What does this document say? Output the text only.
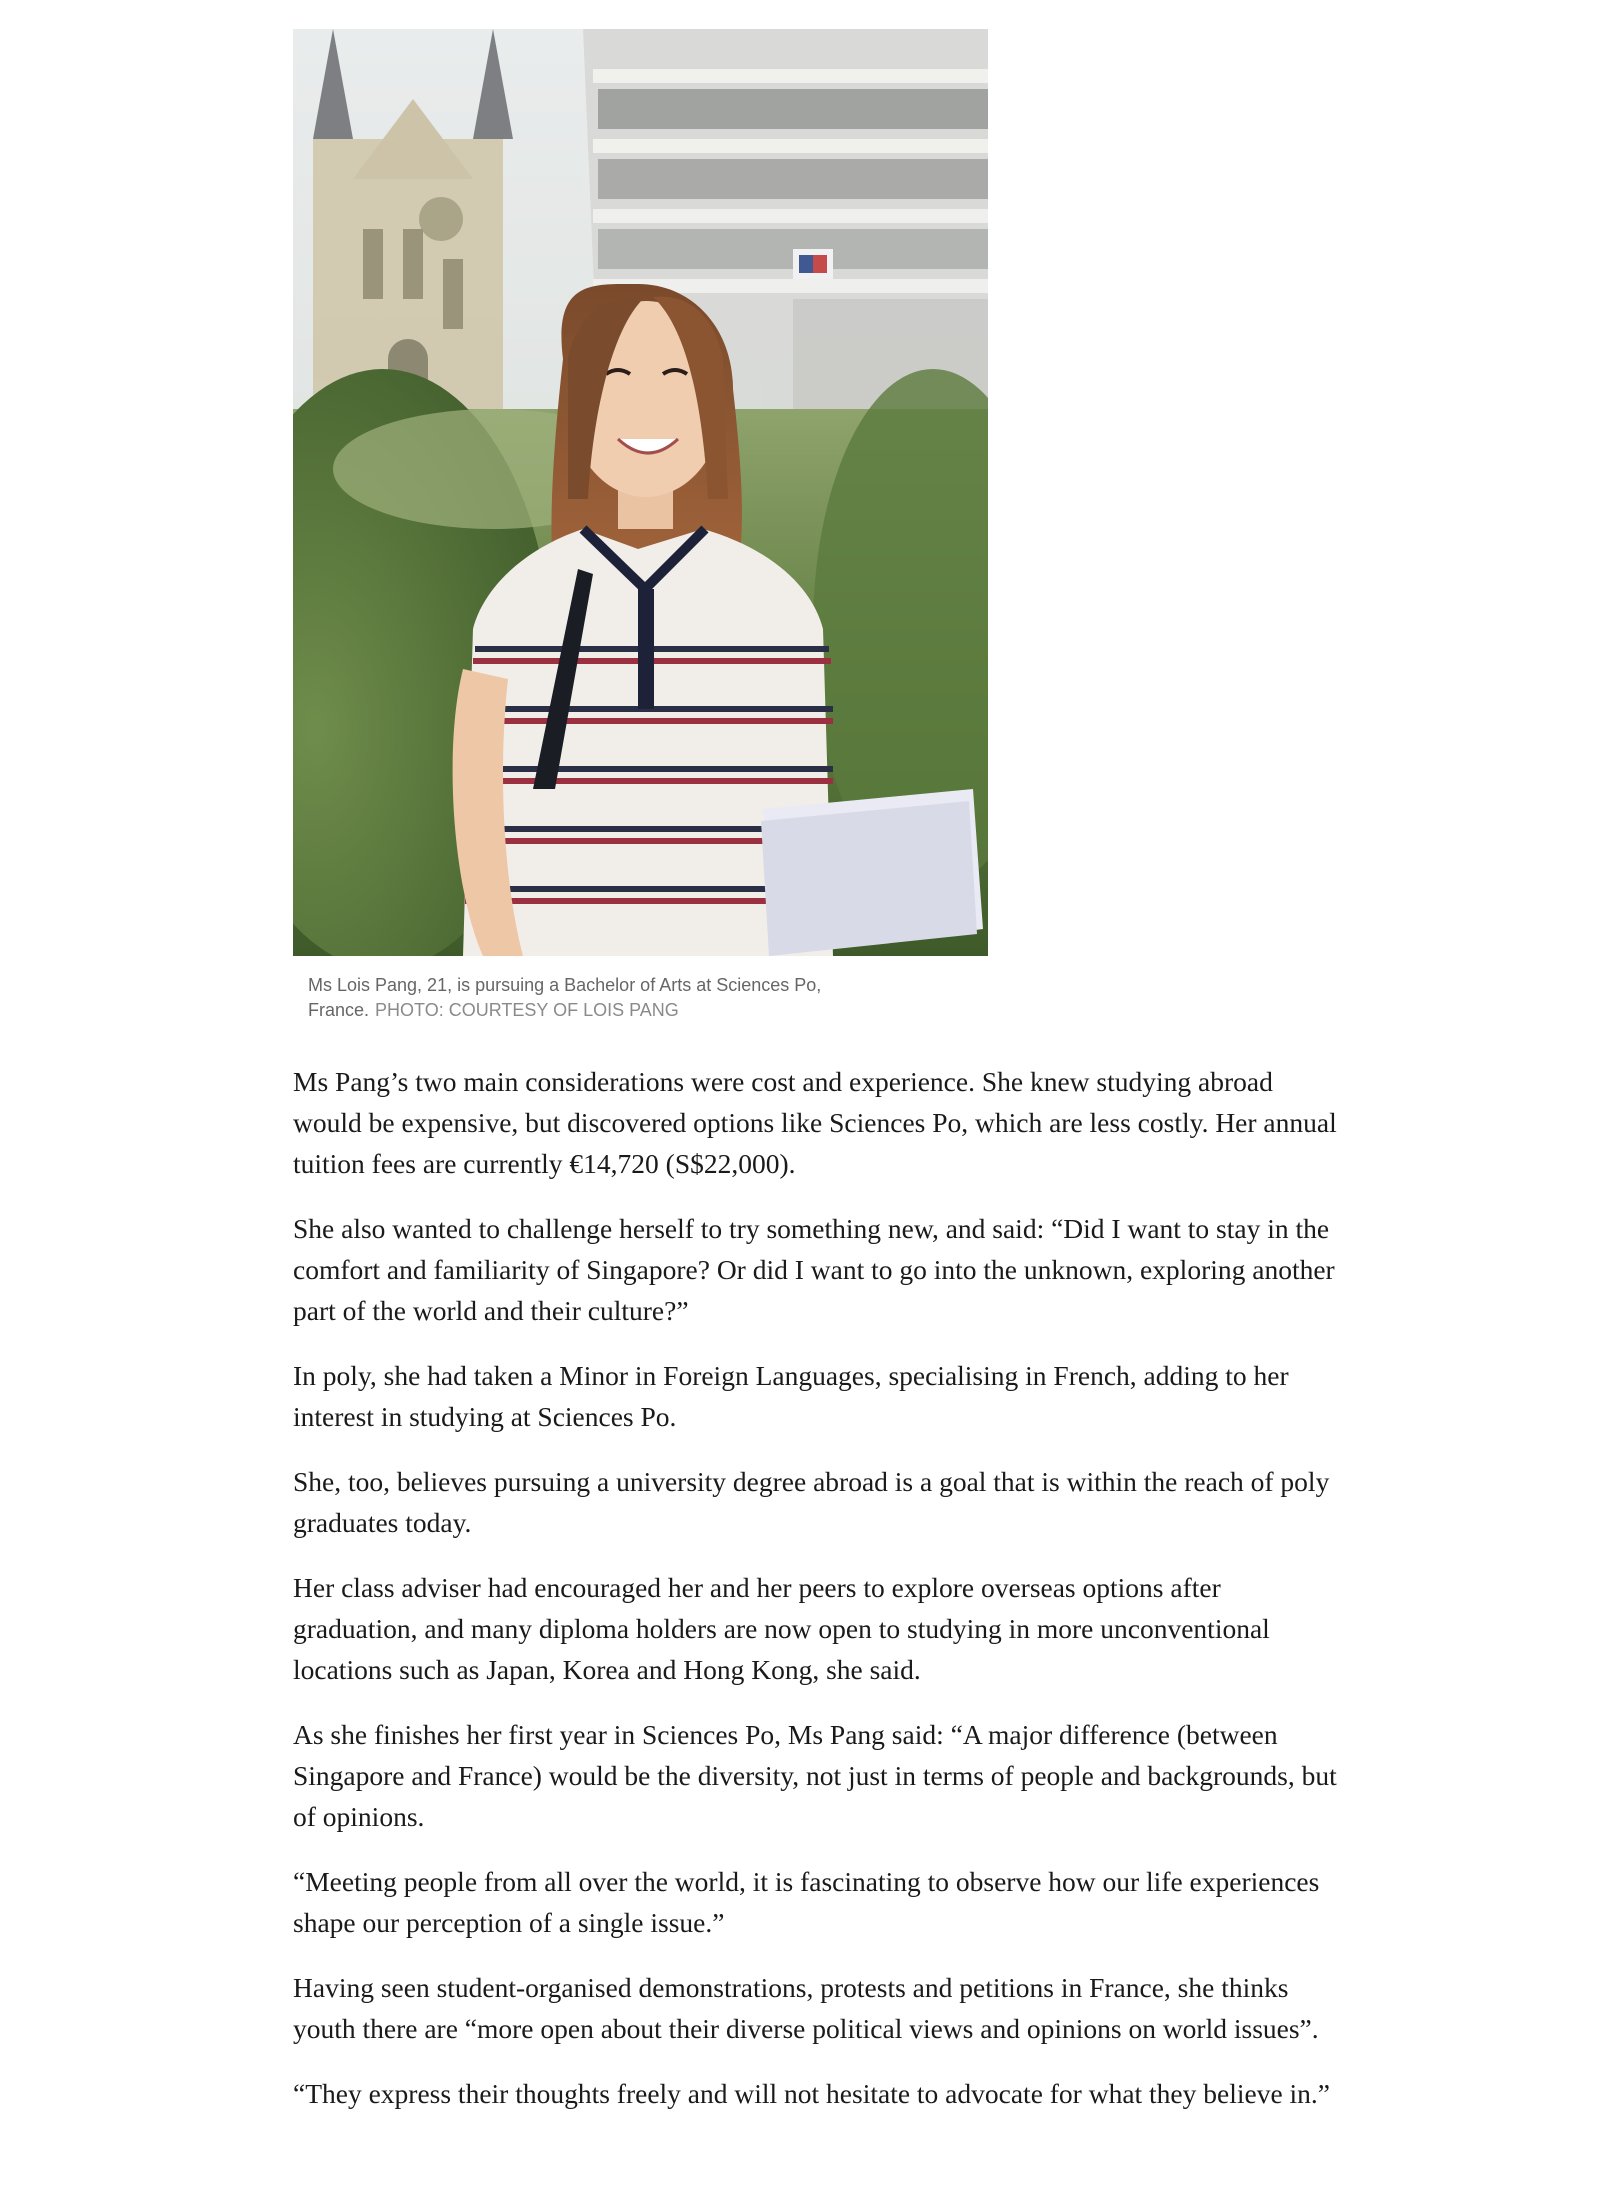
Ms Lois Pang, 21, is pursuing a Bachelor of Arts at Sciences Po, France. PHOTO: COURTESY OF LOIS PANG

Ms Pang’s two main considerations were cost and experience. She knew studying abroad would be expensive, but discovered options like Sciences Po, which are less costly. Her annual tuition fees are currently €14,720 (S$22,000).

She also wanted to challenge herself to try something new, and said: “Did I want to stay in the comfort and familiarity of Singapore? Or did I want to go into the unknown, exploring another part of the world and their culture?”

In poly, she had taken a Minor in Foreign Languages, specialising in French, adding to her interest in studying at Sciences Po.

She, too, believes pursuing a university degree abroad is a goal that is within the reach of poly graduates today.

Her class adviser had encouraged her and her peers to explore overseas options after graduation, and many diploma holders are now open to studying in more unconventional locations such as Japan, Korea and Hong Kong, she said.

As she finishes her first year in Sciences Po, Ms Pang said: “A major difference (between Singapore and France) would be the diversity, not just in terms of people and backgrounds, but of opinions.

“Meeting people from all over the world, it is fascinating to observe how our life experiences shape our perception of a single issue.”

Having seen student-organised demonstrations, protests and petitions in France, she thinks youth there are “more open about their diverse political views and opinions on world issues”.

“They express their thoughts freely and will not hesitate to advocate for what they believe in.”
